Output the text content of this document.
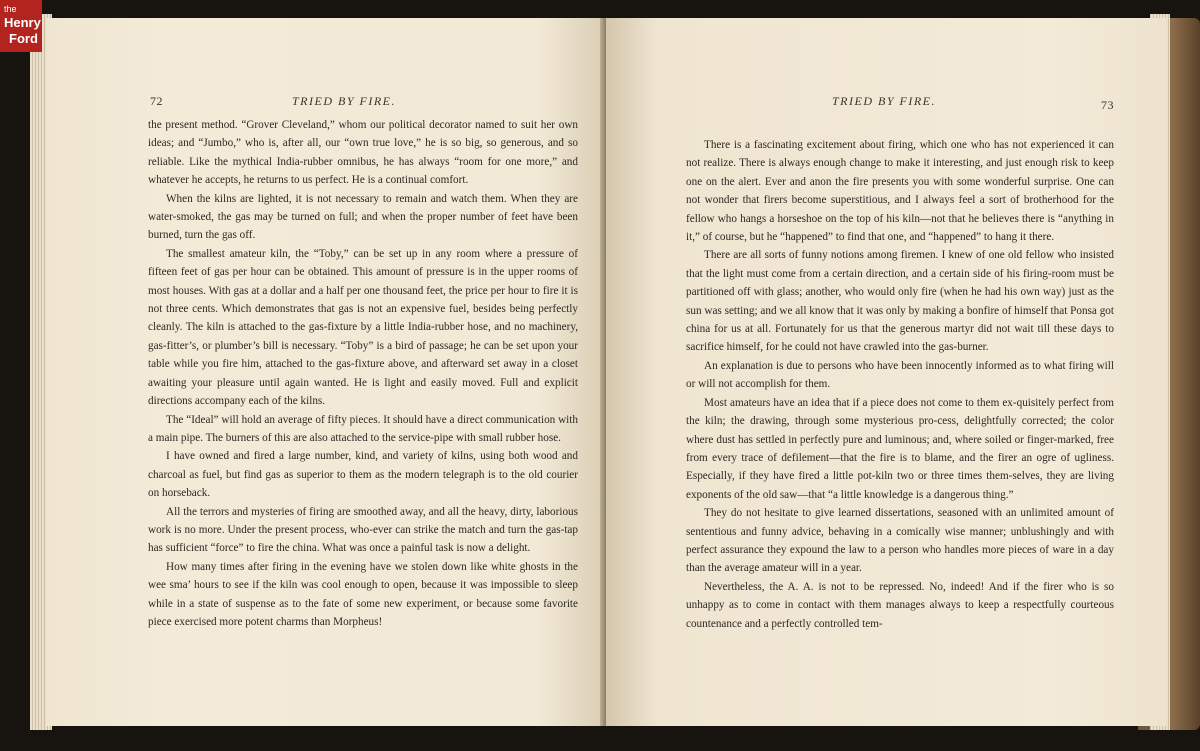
72	TRIED BY FIRE.

the present method. “Grover Cleveland,” whom our political decorator named to suit her own ideas; and “Jumbo,” who is, after all, our “own true love,” he is so big, so generous, and so reliable. Like the mythical India-rubber omnibus, he has always “room for one more,” and whatever he accepts, he returns to us perfect. He is a continual comfort.

When the kilns are lighted, it is not necessary to remain and watch them. When they are water-smoked, the gas may be turned on full; and when the proper number of feet have been burned, turn the gas off.

The smallest amateur kiln, the “Toby,” can be set up in any room where a pressure of fifteen feet of gas per hour can be obtained. This amount of pressure is in the upper rooms of most houses. With gas at a dollar and a half per one thousand feet, the price per hour to fire it is not three cents. Which demonstrates that gas is not an expensive fuel, besides being perfectly cleanly. The kiln is attached to the gas-fixture by a little India-rubber hose, and no machinery, gas-fitter’s, or plumber’s bill is necessary. “Toby” is a bird of passage; he can be set upon your table while you fire him, attached to the gas-fixture above, and afterward set away in a closet awaiting your pleasure until again wanted. He is light and easily moved. Full and explicit directions accompany each of the kilns.

The “Ideal” will hold an average of fifty pieces. It should have a direct communication with a main pipe. The burners of this are also attached to the service-pipe with small rubber hose.

I have owned and fired a large number, kind, and variety of kilns, using both wood and charcoal as fuel, but find gas as superior to them as the modern telegraph is to the old courier on horseback.

All the terrors and mysteries of firing are smoothed away, and all the heavy, dirty, laborious work is no more. Under the present process, who-ever can strike the match and turn the gas-tap has sufficient “force” to fire the china. What was once a painful task is now a delight.

How many times after firing in the evening have we stolen down like white ghosts in the wee sma’ hours to see if the kiln was cool enough to open, because it was impossible to sleep while in a state of suspense as to the fate of some new experiment, or because some favorite piece exercised more potent charms than Morpheus!

TRIED BY FIRE.	73

There is a fascinating excitement about firing, which one who has not experienced it can not realize. There is always enough change to make it interesting, and just enough risk to keep one on the alert. Ever and anon the fire presents you with some wonderful surprise. One can not wonder that firers become superstitious, and I always feel a sort of brotherhood for the fellow who hangs a horseshoe on the top of his kiln—not that he believes there is “anything in it,” of course, but he “happened” to find that one, and “happened” to hang it there.

There are all sorts of funny notions among firemen. I knew of one old fellow who insisted that the light must come from a certain direction, and a certain side of his firing-room must be partitioned off with glass; another, who would only fire (when he had his own way) just as the sun was setting; and we all know that it was only by making a bonfire of himself that Ponsa got china for us at all. Fortunately for us that the generous martyr did not wait till these days to sacrifice himself, for he could not have crawled into the gas-burner.

An explanation is due to persons who have been innocently informed as to what firing will or will not accomplish for them.

Most amateurs have an idea that if a piece does not come to them ex-quisitely perfect from the kiln; the drawing, through some mysterious pro-cess, delightfully corrected; the color where dust has settled in perfectly pure and luminous; and, where soiled or finger-marked, free from every trace of defilement—that the fire is to blame, and the firer an ogre of ugliness. Especially, if they have fired a little pot-kiln two or three times them-selves, they are living exponents of the old saw—that “a little knowledge is a dangerous thing.”

They do not hesitate to give learned dissertations, seasoned with an unlimited amount of sententious and funny advice, behaving in a comically wise manner; unblushingly and with perfect assurance they expound the law to a person who handles more pieces of ware in a day than the average amateur will in a year.

Nevertheless, the A. A. is not to be repressed. No, indeed! And if the firer who is so unhappy as to come in contact with them manages always to keep a respectfully courteous countenance and a perfectly controlled tem-

the
Henry
Ford
